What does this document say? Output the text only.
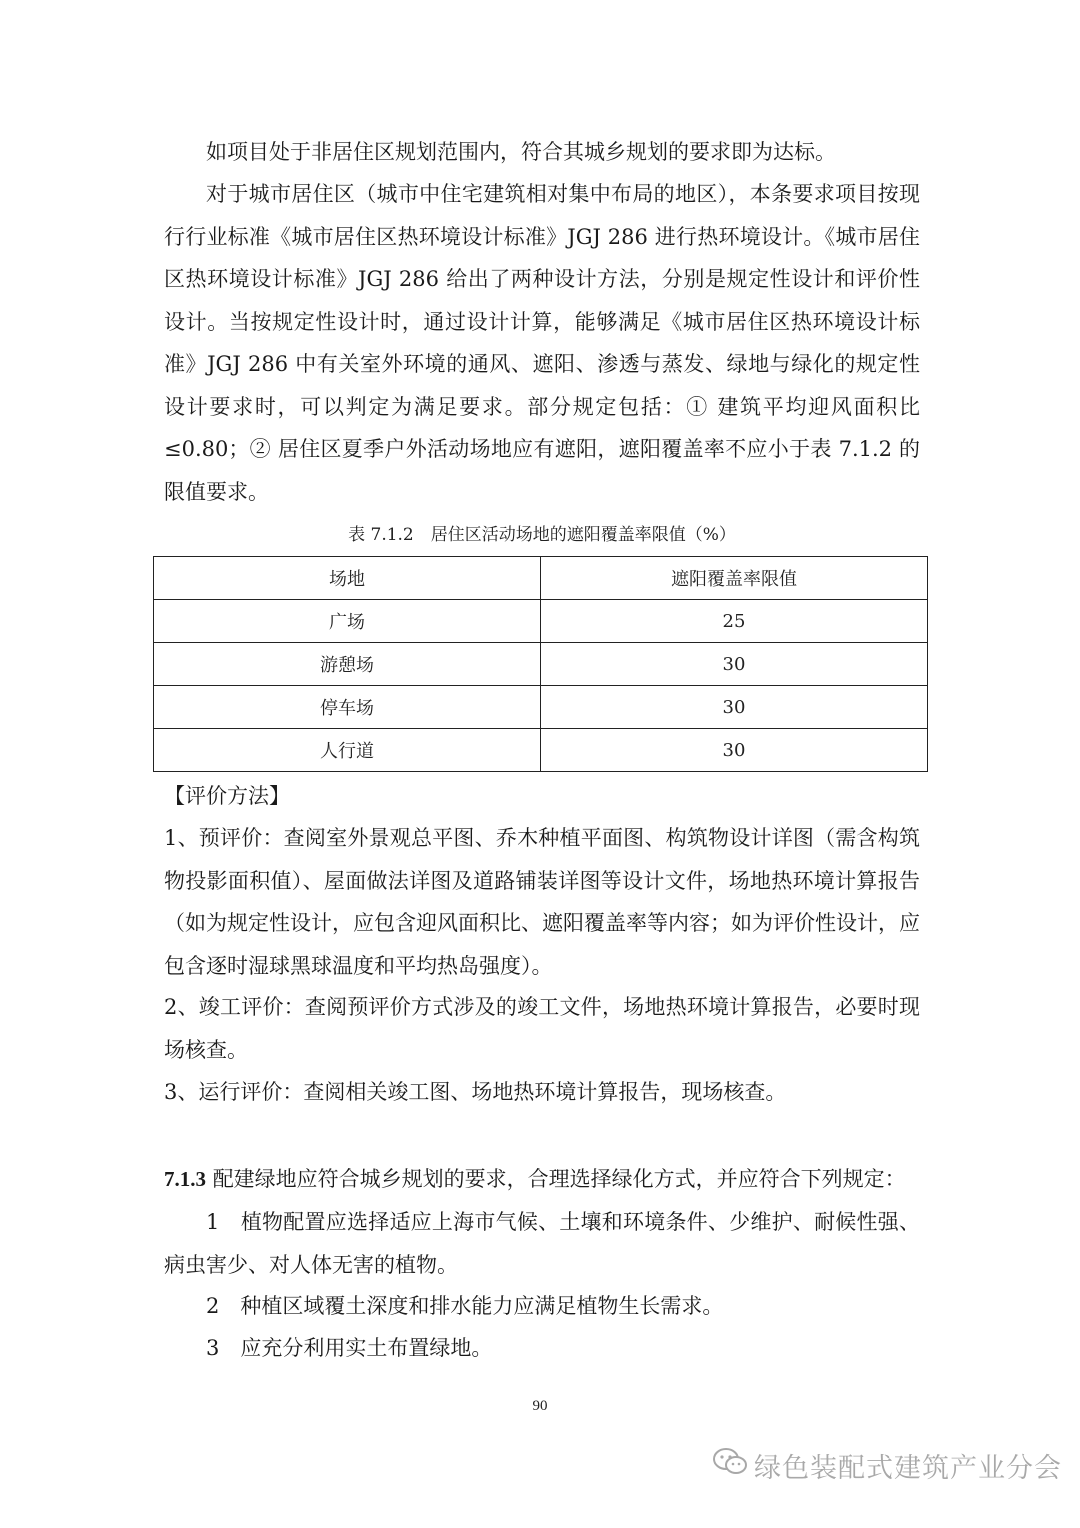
如项目处于非居住区规划范围内，符合其城乡规划的要求即为达标。

对于城市居住区（城市中住宅建筑相对集中布局的地区），本条要求项目按现行行业标准《城市居住区热环境设计标准》JGJ 286 进行热环境设计。《城市居住区热环境设计标准》JGJ 286 给出了两种设计方法，分别是规定性设计和评价性设计。当按规定性设计时，通过设计计算，能够满足《城市居住区热环境设计标准》JGJ 286 中有关室外环境的通风、遮阳、渗透与蒸发、绿地与绿化的规定性设计要求时，可以判定为满足要求。部分规定包括：① 建筑平均迎风面积比≤0.80；② 居住区夏季户外活动场地应有遮阳，遮阳覆盖率不应小于表 7.1.2 的限值要求。

表 7.1.2　居住区活动场地的遮阳覆盖率限值（%）
场地	遮阳覆盖率限值
广场	25
游憩场	30
停车场	30
人行道	30

【评价方法】

1、预评价：查阅室外景观总平图、乔木种植平面图、构筑物设计详图（需含构筑物投影面积值）、屋面做法详图及道路铺装详图等设计文件，场地热环境计算报告（如为规定性设计，应包含迎风面积比、遮阳覆盖率等内容；如为评价性设计，应包含逐时湿球黑球温度和平均热岛强度）。

2、竣工评价：查阅预评价方式涉及的竣工文件，场地热环境计算报告，必要时现场核查。

3、运行评价：查阅相关竣工图、场地热环境计算报告，现场核查。

7.1.3 配建绿地应符合城乡规划的要求，合理选择绿化方式，并应符合下列规定：

1　植物配置应选择适应上海市气候、土壤和环境条件、少维护、耐候性强、病虫害少、对人体无害的植物。

2　种植区域覆土深度和排水能力应满足植物生长需求。

3　应充分利用实土布置绿地。

90
绿色装配式建筑产业分会
